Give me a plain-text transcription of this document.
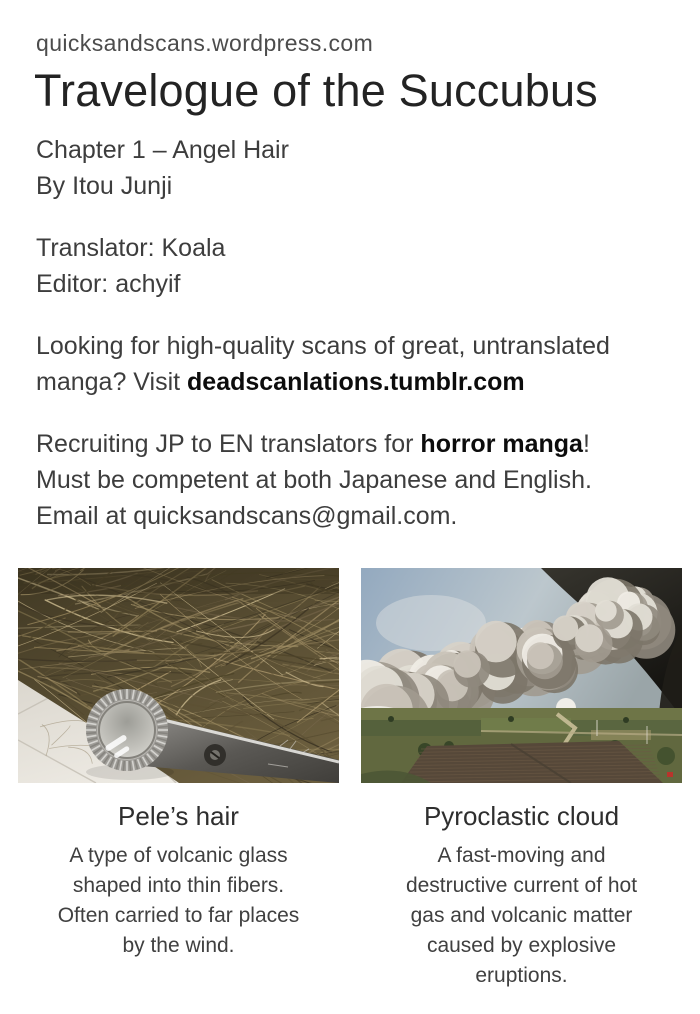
quicksandscans.wordpress.com
Travelogue of the Succubus
Chapter 1 – Angel Hair
By Itou Junji
Translator: Koala
Editor: achyif

Looking for high-quality scans of great, untranslated
manga? Visit deadscanlations.tumblr.com

Recruiting JP to EN translators for horror manga!
Must be competent at both Japanese and English.
Email at quicksandscans@gmail.com.

Pele’s hair
A type of volcanic glass
shaped into thin fibers.
Often carried to far places
by the wind.
Pyroclastic cloud
A fast-moving and
destructive current of hot
gas and volcanic matter
caused by explosive
eruptions.
